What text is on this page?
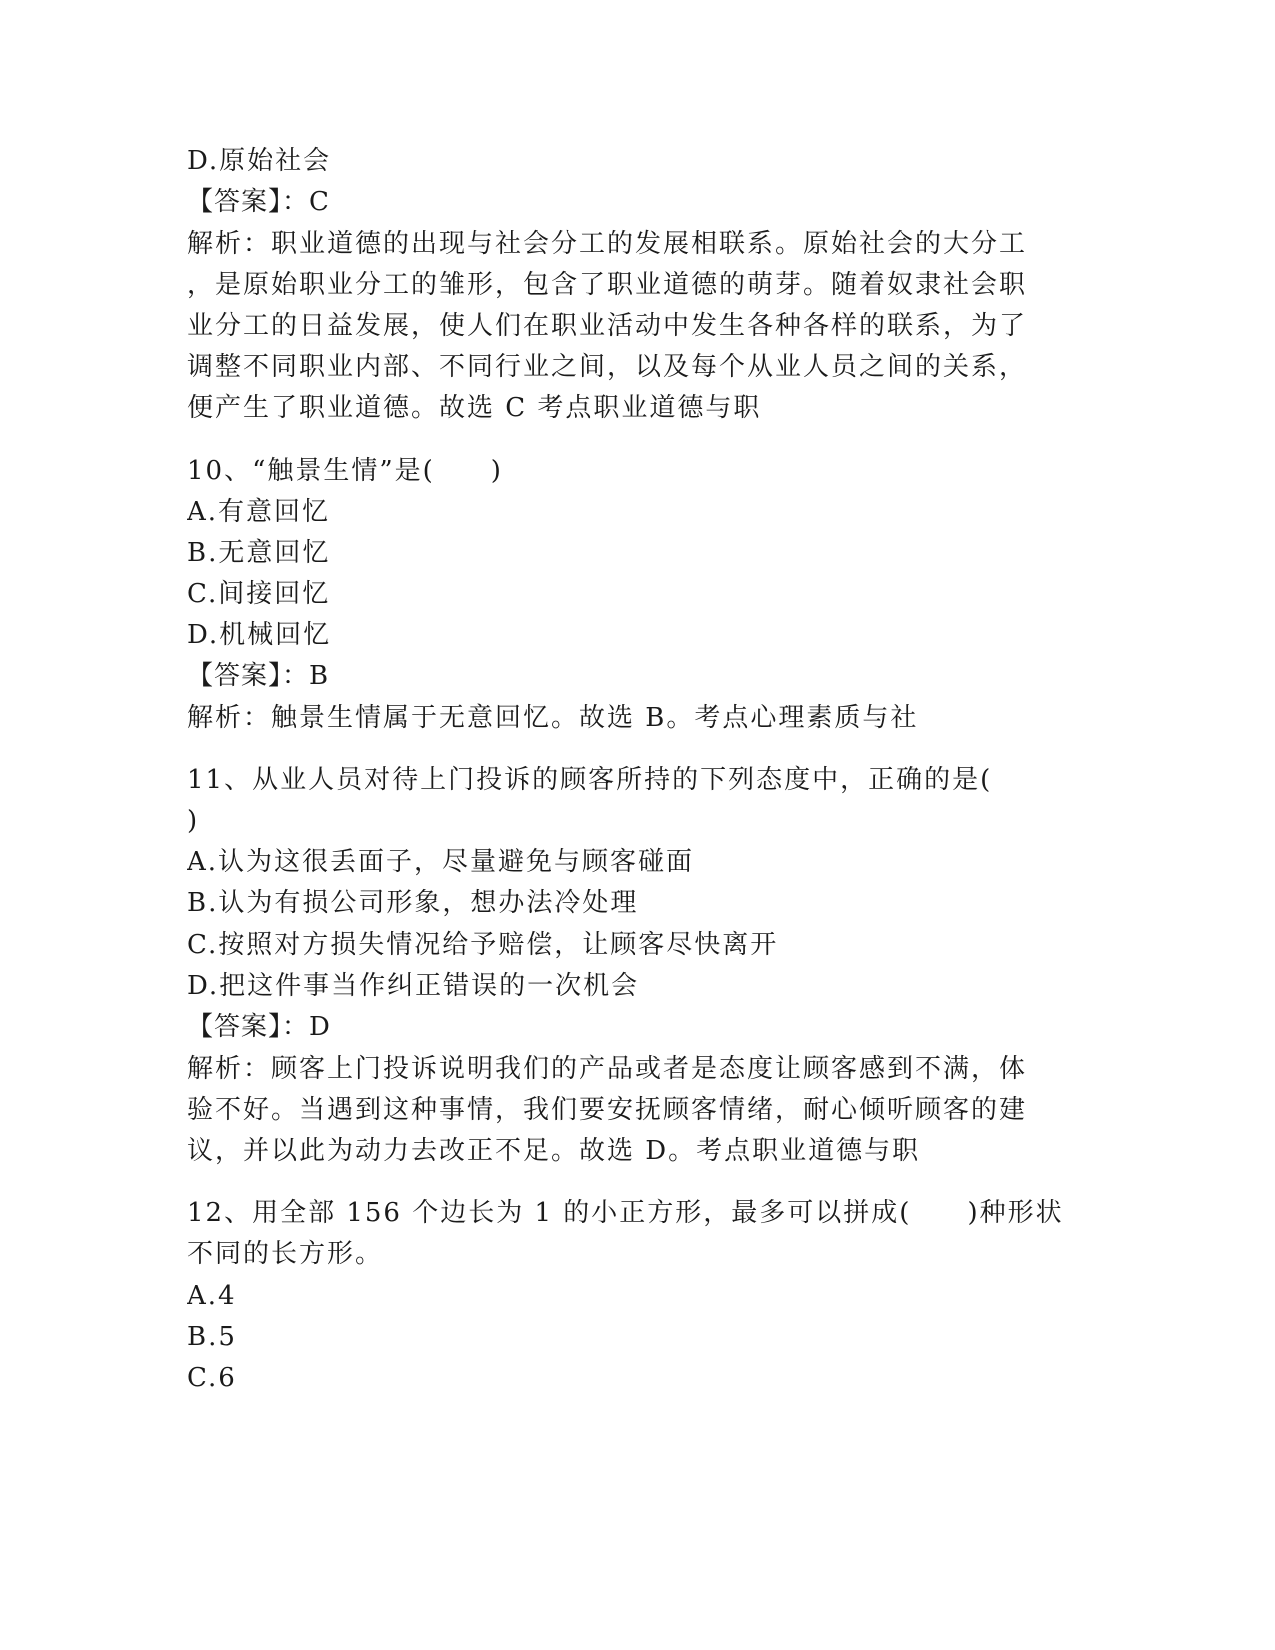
D.原始社会
【答案】：C
解析：职业道德的出现与社会分工的发展相联系。原始社会的大分工
，是原始职业分工的雏形，包含了职业道德的萌芽。随着奴隶社会职
业分工的日益发展，使人们在职业活动中发生各种各样的联系，为了
调整不同职业内部、不同行业之间，以及每个从业人员之间的关系，
便产生了职业道德。故选 C 考点职业道德与职
10、“触景生情”是(　　)
A.有意回忆
B.无意回忆
C.间接回忆
D.机械回忆
【答案】：B
解析：触景生情属于无意回忆。故选 B。考点心理素质与社
11、从业人员对待上门投诉的顾客所持的下列态度中，正确的是(
)
A.认为这很丢面子，尽量避免与顾客碰面
B.认为有损公司形象，想办法冷处理
C.按照对方损失情况给予赔偿，让顾客尽快离开
D.把这件事当作纠正错误的一次机会
【答案】：D
解析：顾客上门投诉说明我们的产品或者是态度让顾客感到不满，体
验不好。当遇到这种事情，我们要安抚顾客情绪，耐心倾听顾客的建
议，并以此为动力去改正不足。故选 D。考点职业道德与职
12、用全部 156 个边长为 1 的小正方形，最多可以拼成(　　)种形状
不同的长方形。
A.4
B.5
C.6
